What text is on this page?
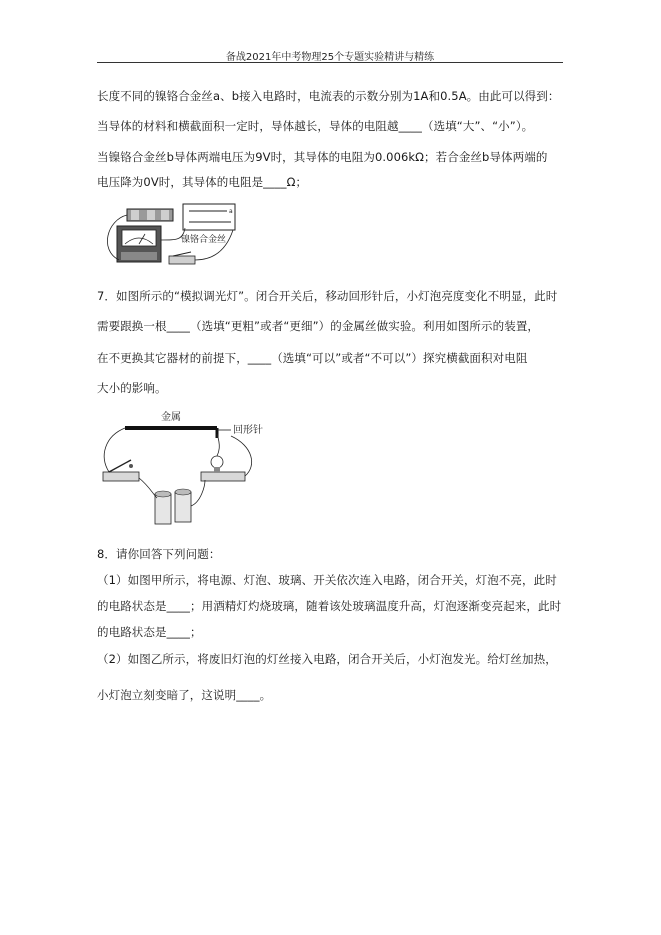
备战2021年中考物理25个专题实验精讲与精练
长度不同的镍铬合金丝a、b接入电路时，电流表的示数分别为1A和0.5A。由此可以得到：
当导体的材料和横截面积一定时，导体越长，导体的电阻越____（选填“大”、“小”）。
当镍铬合金丝b导体两端电压为9V时，其导体的电阻为0.006kΩ；若合金丝b导体两端的
电压降为0V时，其导体的电阻是____Ω；
a
镍铬合金丝
7．如图所示的“模拟调光灯”。闭合开关后，移动回形针后，小灯泡亮度变化不明显，此时
需要跟换一根____（选填“更粗”或者“更细”）的金属丝做实验。利用如图所示的装置，
在不更换其它器材的前提下，____（选填“可以”或者“不可以”）探究横截面积对电阻
大小的影响。
金属
回形针
8．请你回答下列问题：
（1）如图甲所示，将电源、灯泡、玻璃、开关依次连入电路，闭合开关，灯泡不亮，此时
的电路状态是____；用酒精灯灼烧玻璃，随着该处玻璃温度升高，灯泡逐渐变亮起来，此时
的电路状态是____；
（2）如图乙所示，将废旧灯泡的灯丝接入电路，闭合开关后，小灯泡发光。给灯丝加热，
小灯泡立刻变暗了，这说明____。
